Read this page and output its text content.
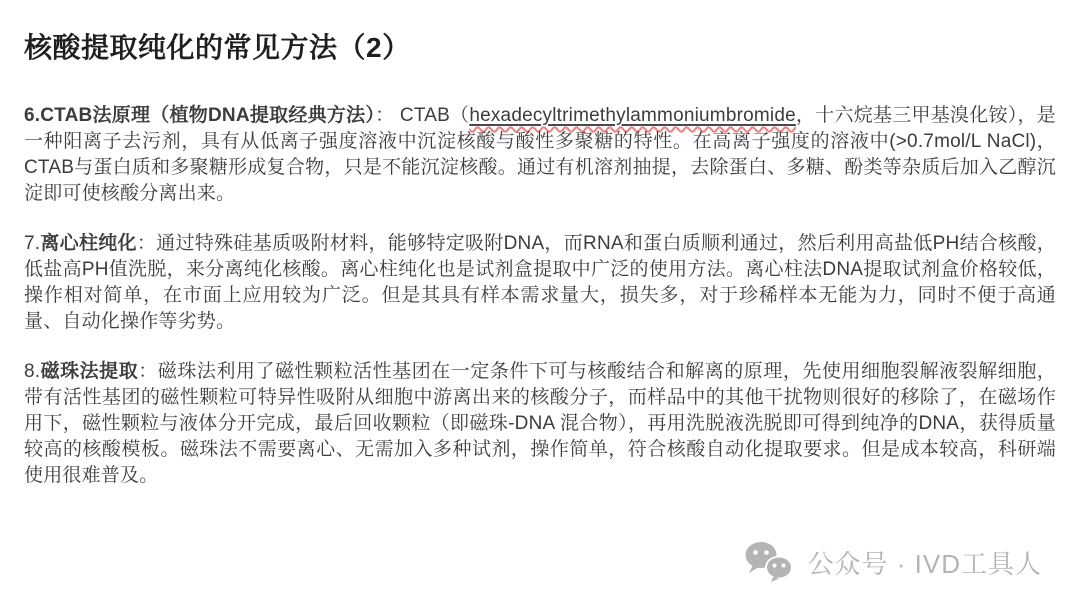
核酸提取纯化的常见方法（2）

6.CTAB法原理（植物DNA提取经典方法）： CTAB（hexadecyltrimethylammoniumbromide，十六烷基三甲基溴化铵），是一种阳离子去污剂，具有从低离子强度溶液中沉淀核酸与酸性多聚糖的特性。在高离子强度的溶液中(>0.7mol/L NaCl)，CTAB与蛋白质和多聚糖形成复合物，只是不能沉淀核酸。通过有机溶剂抽提，去除蛋白、多糖、酚类等杂质后加入乙醇沉淀即可使核酸分离出来。

7.离心柱纯化：通过特殊硅基质吸附材料，能够特定吸附DNA，而RNA和蛋白质顺利通过，然后利用高盐低PH结合核酸，低盐高PH值洗脱，来分离纯化核酸。离心柱纯化也是试剂盒提取中广泛的使用方法。离心柱法DNA提取试剂盒价格较低，操作相对简单，在市面上应用较为广泛。但是其具有样本需求量大，损失多，对于珍稀样本无能为力，同时不便于高通量、自动化操作等劣势。

8.磁珠法提取：磁珠法利用了磁性颗粒活性基团在一定条件下可与核酸结合和解离的原理，先使用细胞裂解液裂解细胞，带有活性基团的磁性颗粒可特异性吸附从细胞中游离出来的核酸分子，而样品中的其他干扰物则很好的移除了，在磁场作用下，磁性颗粒与液体分开完成，最后回收颗粒（即磁珠-DNA 混合物），再用洗脱液洗脱即可得到纯净的DNA，获得质量较高的核酸模板。磁珠法不需要离心、无需加入多种试剂，操作简单，符合核酸自动化提取要求。但是成本较高，科研端使用很难普及。

公众号 · IVD工具人
